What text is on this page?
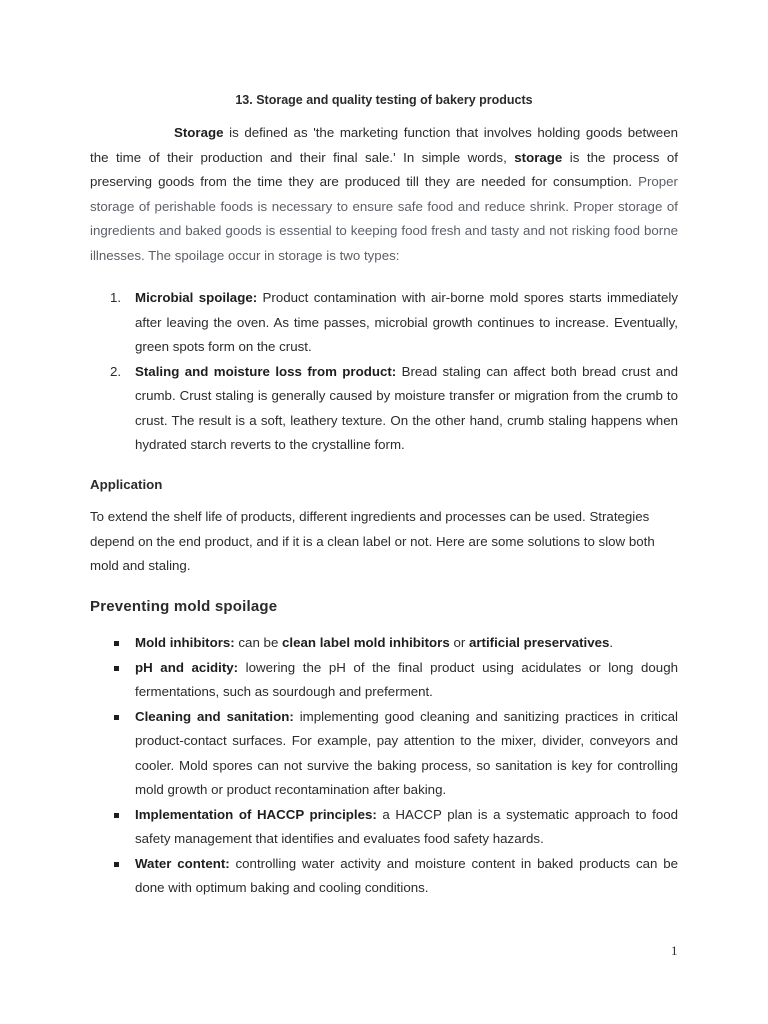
13. Storage and quality testing of bakery products

Storage is defined as 'the marketing function that involves holding goods between the time of their production and their final sale.' In simple words, storage is the process of preserving goods from the time they are produced till they are needed for consumption. Proper storage of perishable foods is necessary to ensure safe food and reduce shrink. Proper storage of ingredients and baked goods is essential to keeping food fresh and tasty and not risking food borne illnesses. The spoilage occur in storage is two types:

1. Microbial spoilage: Product contamination with air-borne mold spores starts immediately after leaving the oven. As time passes, microbial growth continues to increase. Eventually, green spots form on the crust.
2. Staling and moisture loss from product: Bread staling can affect both bread crust and crumb. Crust staling is generally caused by moisture transfer or migration from the crumb to crust. The result is a soft, leathery texture. On the other hand, crumb staling happens when hydrated starch reverts to the crystalline form.
Application

To extend the shelf life of products, different ingredients and processes can be used. Strategies depend on the end product, and if it is a clean label or not. Here are some solutions to slow both mold and staling.

Preventing mold spoilage
Mold inhibitors: can be clean label mold inhibitors or artificial preservatives.
pH and acidity: lowering the pH of the final product using acidulates or long dough fermentations, such as sourdough and preferment.
Cleaning and sanitation: implementing good cleaning and sanitizing practices in critical product-contact surfaces. For example, pay attention to the mixer, divider, conveyors and cooler. Mold spores can not survive the baking process, so sanitation is key for controlling mold growth or product recontamination after baking.
Implementation of HACCP principles: a HACCP plan is a systematic approach to food safety management that identifies and evaluates food safety hazards.
Water content: controlling water activity and moisture content in baked products can be done with optimum baking and cooling conditions.
1
